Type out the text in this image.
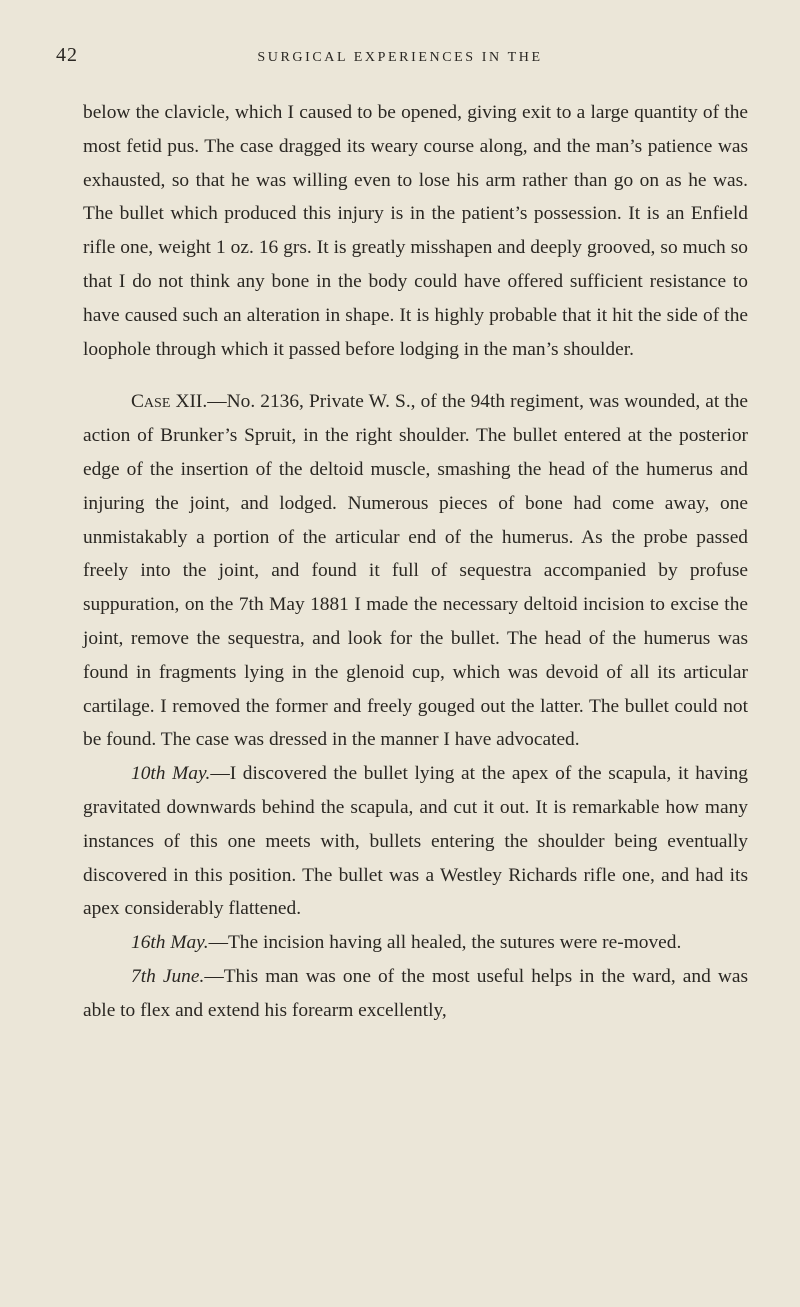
42	SURGICAL EXPERIENCES IN THE

below the clavicle, which I caused to be opened, giving exit to a large quantity of the most fetid pus. The case dragged its weary course along, and the man’s patience was exhausted, so that he was willing even to lose his arm rather than go on as he was. The bullet which produced this injury is in the patient’s possession. It is an Enfield rifle one, weight 1 oz. 16 grs. It is greatly misshapen and deeply grooved, so much so that I do not think any bone in the body could have offered sufficient resistance to have caused such an alteration in shape. It is highly probable that it hit the side of the loophole through which it passed before lodging in the man’s shoulder.

Case XII.—No. 2136, Private W. S., of the 94th regiment, was wounded, at the action of Brunker’s Spruit, in the right shoulder. The bullet entered at the posterior edge of the insertion of the deltoid muscle, smashing the head of the humerus and injuring the joint, and lodged. Numerous pieces of bone had come away, one unmistakably a portion of the articular end of the humerus. As the probe passed freely into the joint, and found it full of sequestra accompanied by profuse suppuration, on the 7th May 1881 I made the necessary deltoid incision to excise the joint, remove the sequestra, and look for the bullet. The head of the humerus was found in fragments lying in the glenoid cup, which was devoid of all its articular cartilage. I removed the former and freely gouged out the latter. The bullet could not be found. The case was dressed in the manner I have advocated.

10th May.—I discovered the bullet lying at the apex of the scapula, it having gravitated downwards behind the scapula, and cut it out. It is remarkable how many instances of this one meets with, bullets entering the shoulder being eventually discovered in this position. The bullet was a Westley Richards rifle one, and had its apex considerably flattened.

16th May.—The incision having all healed, the sutures were re-moved.

7th June.—This man was one of the most useful helps in the ward, and was able to flex and extend his forearm excellently,
